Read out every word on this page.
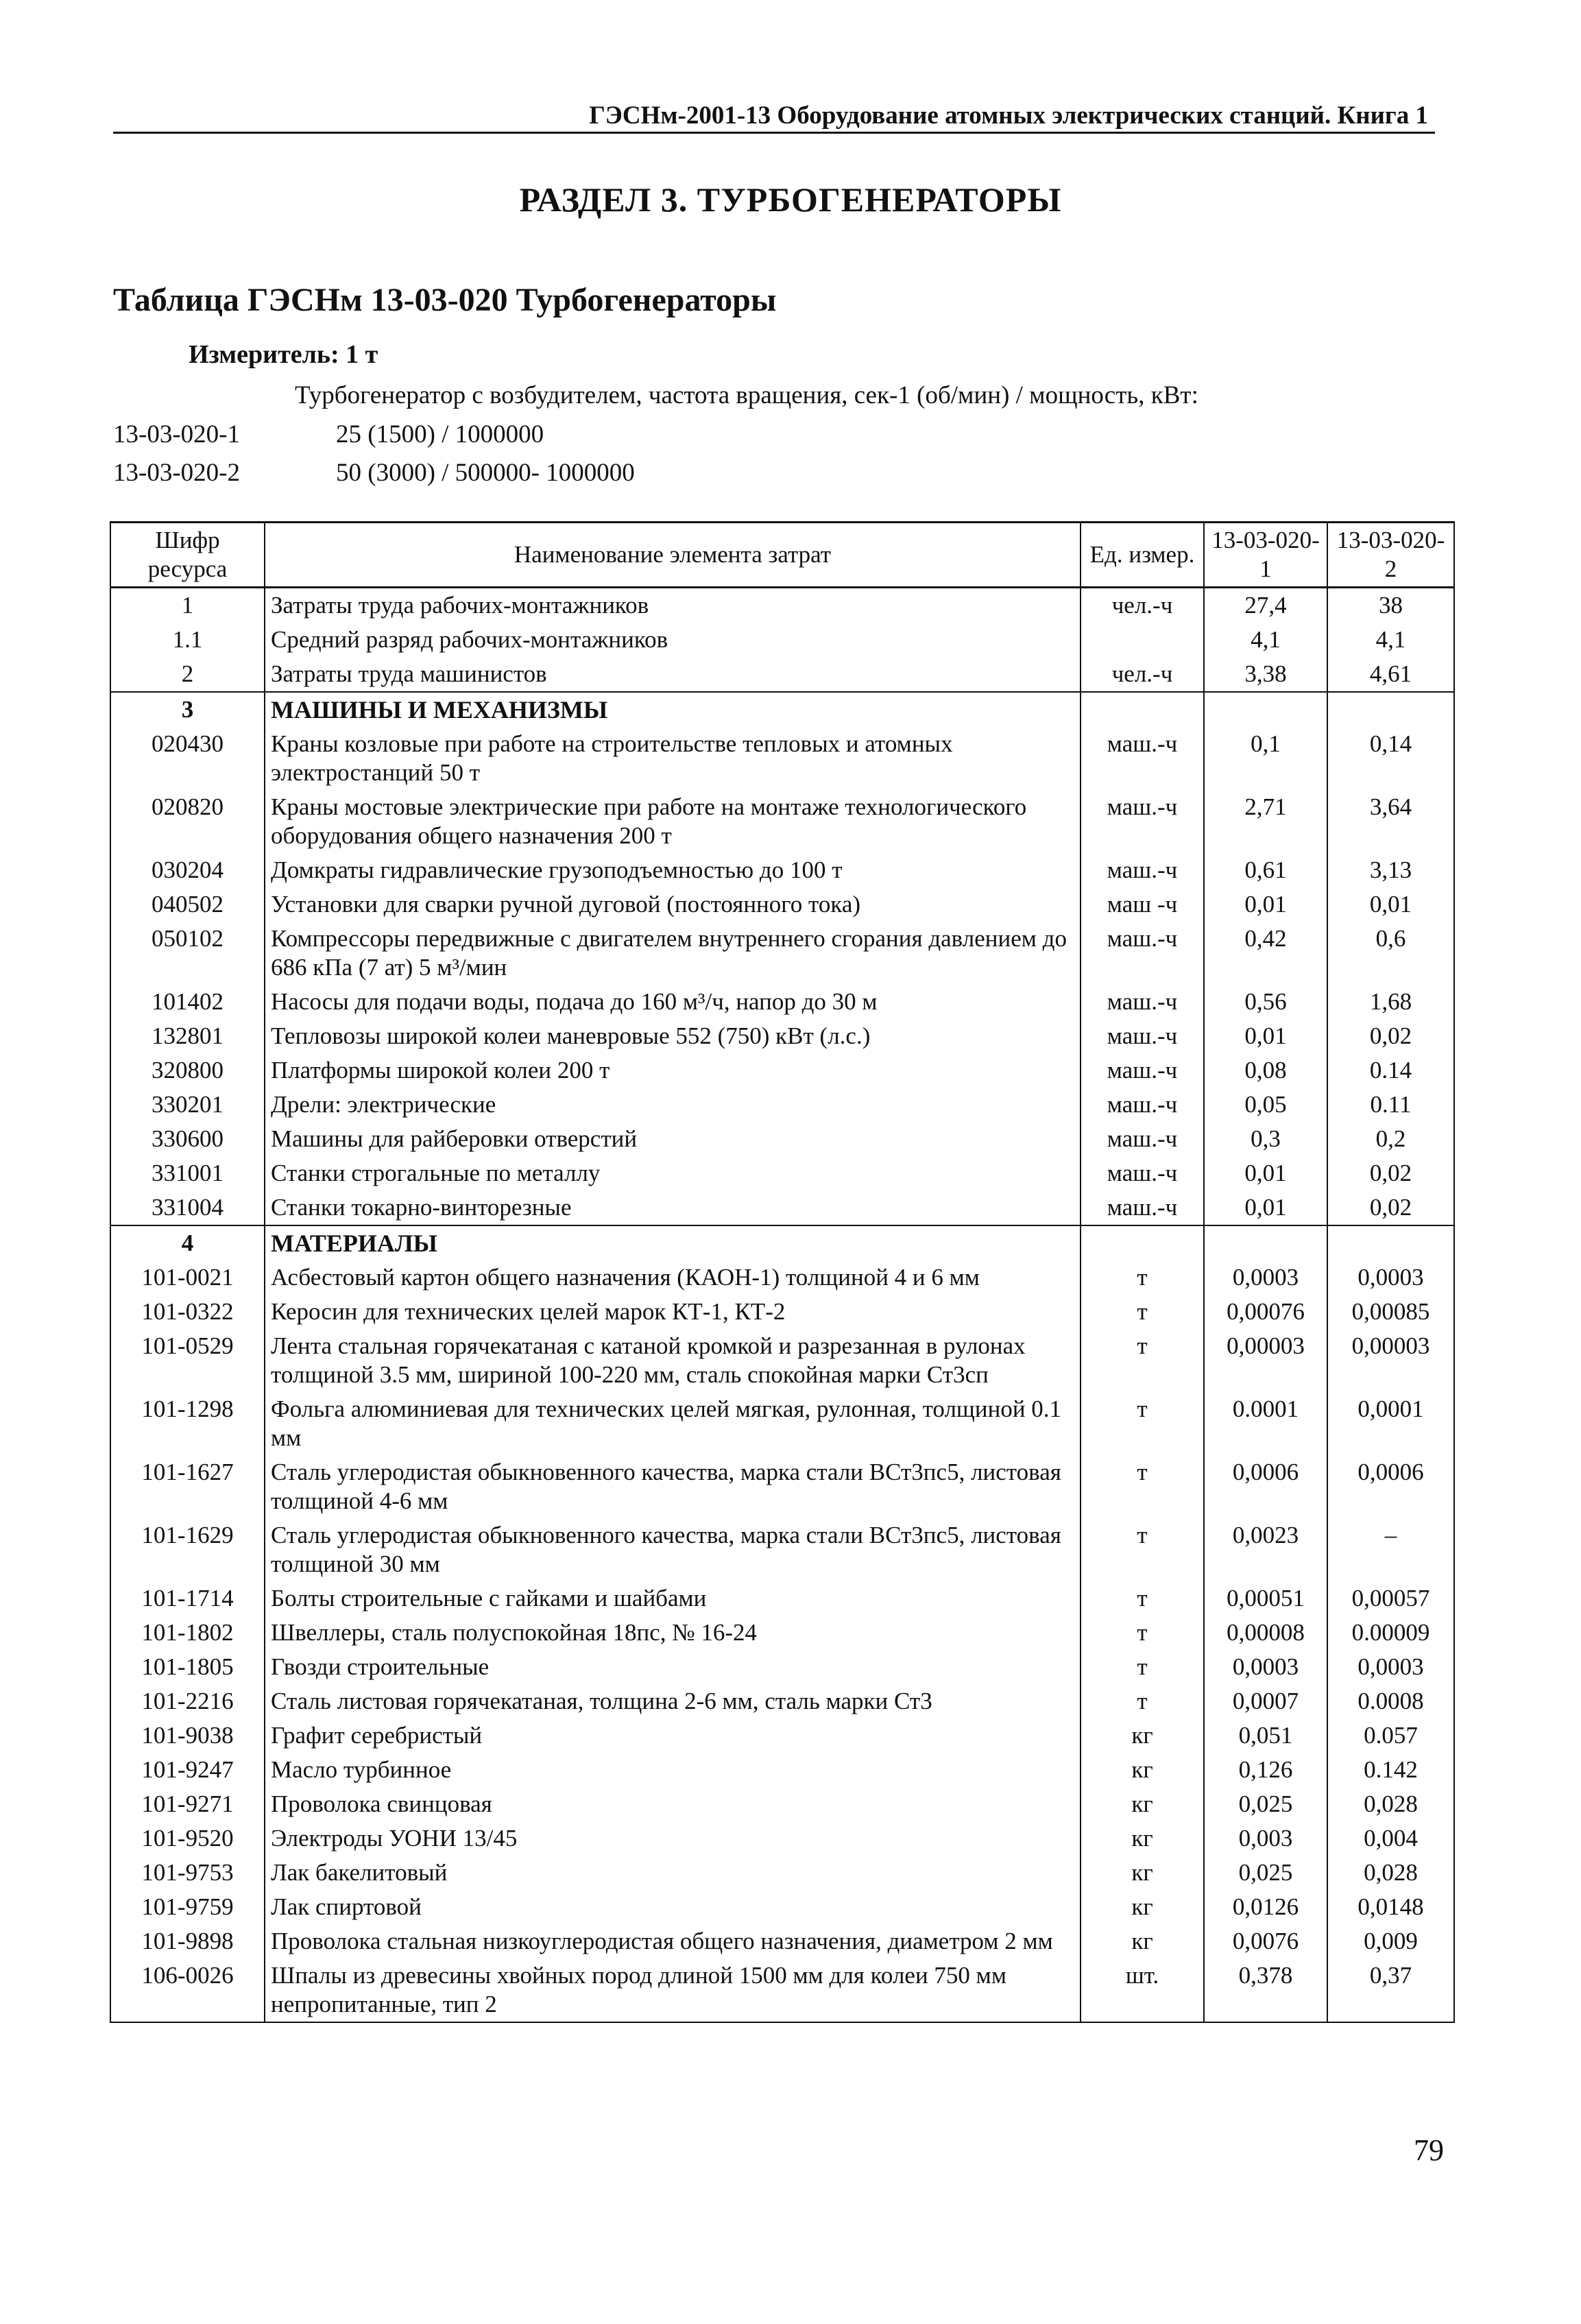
ГЭСНм-2001-13 Оборудование атомных электрических станций. Книга 1
РАЗДЕЛ 3. ТУРБОГЕНЕРАТОРЫ
Таблица ГЭСНм 13-03-020 Турбогенераторы
Измеритель: 1 т
Турбогенератор с возбудителем, частота вращения, сек-1 (об/мин) / мощность, кВт:
13-03-020-1	25 (1500) / 1000000
13-03-020-2	50 (3000) / 500000- 1000000
Шифр ресурса	Наименование элемента затрат	Ед. измер.	13-03-020-1	13-03-020-2
1	Затраты труда рабочих-монтажников	чел.-ч	27,4	38
1.1	Средний разряд рабочих-монтажников		4,1	4,1
2	Затраты труда машинистов	чел.-ч	3,38	4,61
3	МАШИНЫ И МЕХАНИЗМЫ			
020430	Краны козловые при работе на строительстве тепловых и атомных электростанций 50 т	маш.-ч	0,1	0,14
020820	Краны мостовые электрические при работе на монтаже технологического оборудования общего назначения 200 т	маш.-ч	2,71	3,64
030204	Домкраты гидравлические грузоподъемностью до 100 т	маш.-ч	0,61	3,13
040502	Установки для сварки ручной дуговой (постоянного тока)	маш -ч	0,01	0,01
050102	Компрессоры передвижные с двигателем внутреннего сгорания давлением до 686 кПа (7 ат) 5 м³/мин	маш.-ч	0,42	0,6
101402	Насосы для подачи воды, подача до 160 м³/ч, напор до 30 м	маш.-ч	0,56	1,68
132801	Тепловозы широкой колеи маневровые 552 (750) кВт (л.с.)	маш.-ч	0,01	0,02
320800	Платформы широкой колеи 200 т	маш.-ч	0,08	0.14
330201	Дрели: электрические	маш.-ч	0,05	0.11
330600	Машины для райберовки отверстий	маш.-ч	0,3	0,2
331001	Станки строгальные по металлу	маш.-ч	0,01	0,02
331004	Станки токарно-винторезные	маш.-ч	0,01	0,02
4	МАТЕРИАЛЫ			
101-0021	Асбестовый картон общего назначения (КАОН-1) толщиной 4 и 6 мм	т	0,0003	0,0003
101-0322	Керосин для технических целей марок КТ-1, КТ-2	т	0,00076	0,00085
101-0529	Лента стальная горячекатаная с катаной кромкой и разрезанная в рулонах толщиной 3.5 мм, шириной 100-220 мм, сталь спокойная марки Ст3сп	т	0,00003	0,00003
101-1298	Фольга алюминиевая для технических целей мягкая, рулонная, толщиной 0.1 мм	т	0.0001	0,0001
101-1627	Сталь углеродистая обыкновенного качества, марка стали ВСт3пс5, листовая толщиной 4-6 мм	т	0,0006	0,0006
101-1629	Сталь углеродистая обыкновенного качества, марка стали ВСт3пс5, листовая толщиной 30 мм	т	0,0023	–
101-1714	Болты строительные с гайками и шайбами	т	0,00051	0,00057
101-1802	Швеллеры, сталь полуспокойная 18пс, № 16-24	т	0,00008	0.00009
101-1805	Гвозди строительные	т	0,0003	0,0003
101-2216	Сталь листовая горячекатаная, толщина 2-6 мм, сталь марки Ст3	т	0,0007	0.0008
101-9038	Графит серебристый	кг	0,051	0.057
101-9247	Масло турбинное	кг	0,126	0.142
101-9271	Проволока свинцовая	кг	0,025	0,028
101-9520	Электроды УОНИ 13/45	кг	0,003	0,004
101-9753	Лак бакелитовый	кг	0,025	0,028
101-9759	Лак спиртовой	кг	0,0126	0,0148
101-9898	Проволока стальная низкоуглеродистая общего назначения, диаметром 2 мм	кг	0,0076	0,009
106-0026	Шпалы из древесины хвойных пород длиной 1500 мм для колеи 750 мм непропитанные, тип 2	шт.	0,378	0,37
79
